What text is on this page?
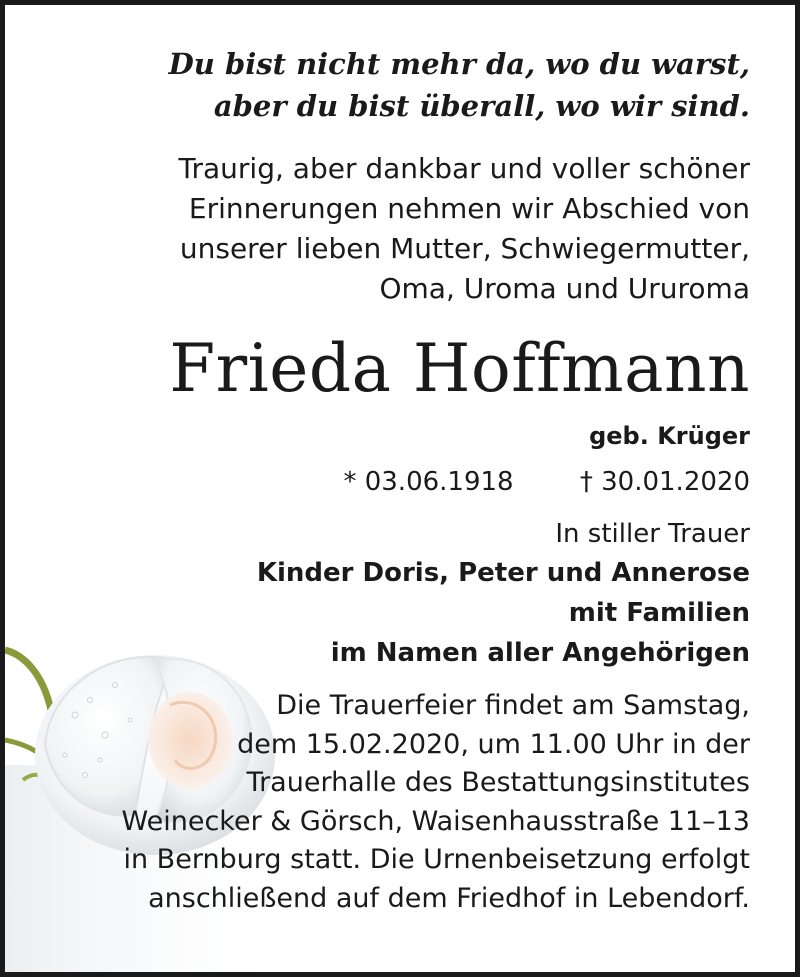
Du bist nicht mehr da, wo du warst,
aber du bist überall, wo wir sind.
Traurig, aber dankbar und voller schöner
Erinnerungen nehmen wir Abschied von
unserer lieben Mutter, Schwiegermutter,
Oma, Uroma und Ururoma
Frieda Hoffmann
geb. Krüger
* 03.06.1918	† 30.01.2020
In stiller Trauer
Kinder Doris, Peter und Annerose
mit Familien
im Namen aller Angehörigen
Die Trauerfeier findet am Samstag,
dem 15.02.2020, um 11.00 Uhr in der
Trauerhalle des Bestattungsinstitutes
Weinecker & Görsch, Waisenhausstraße 11–13
in Bernburg statt. Die Urnenbeisetzung erfolgt
anschließend auf dem Friedhof in Lebendorf.
